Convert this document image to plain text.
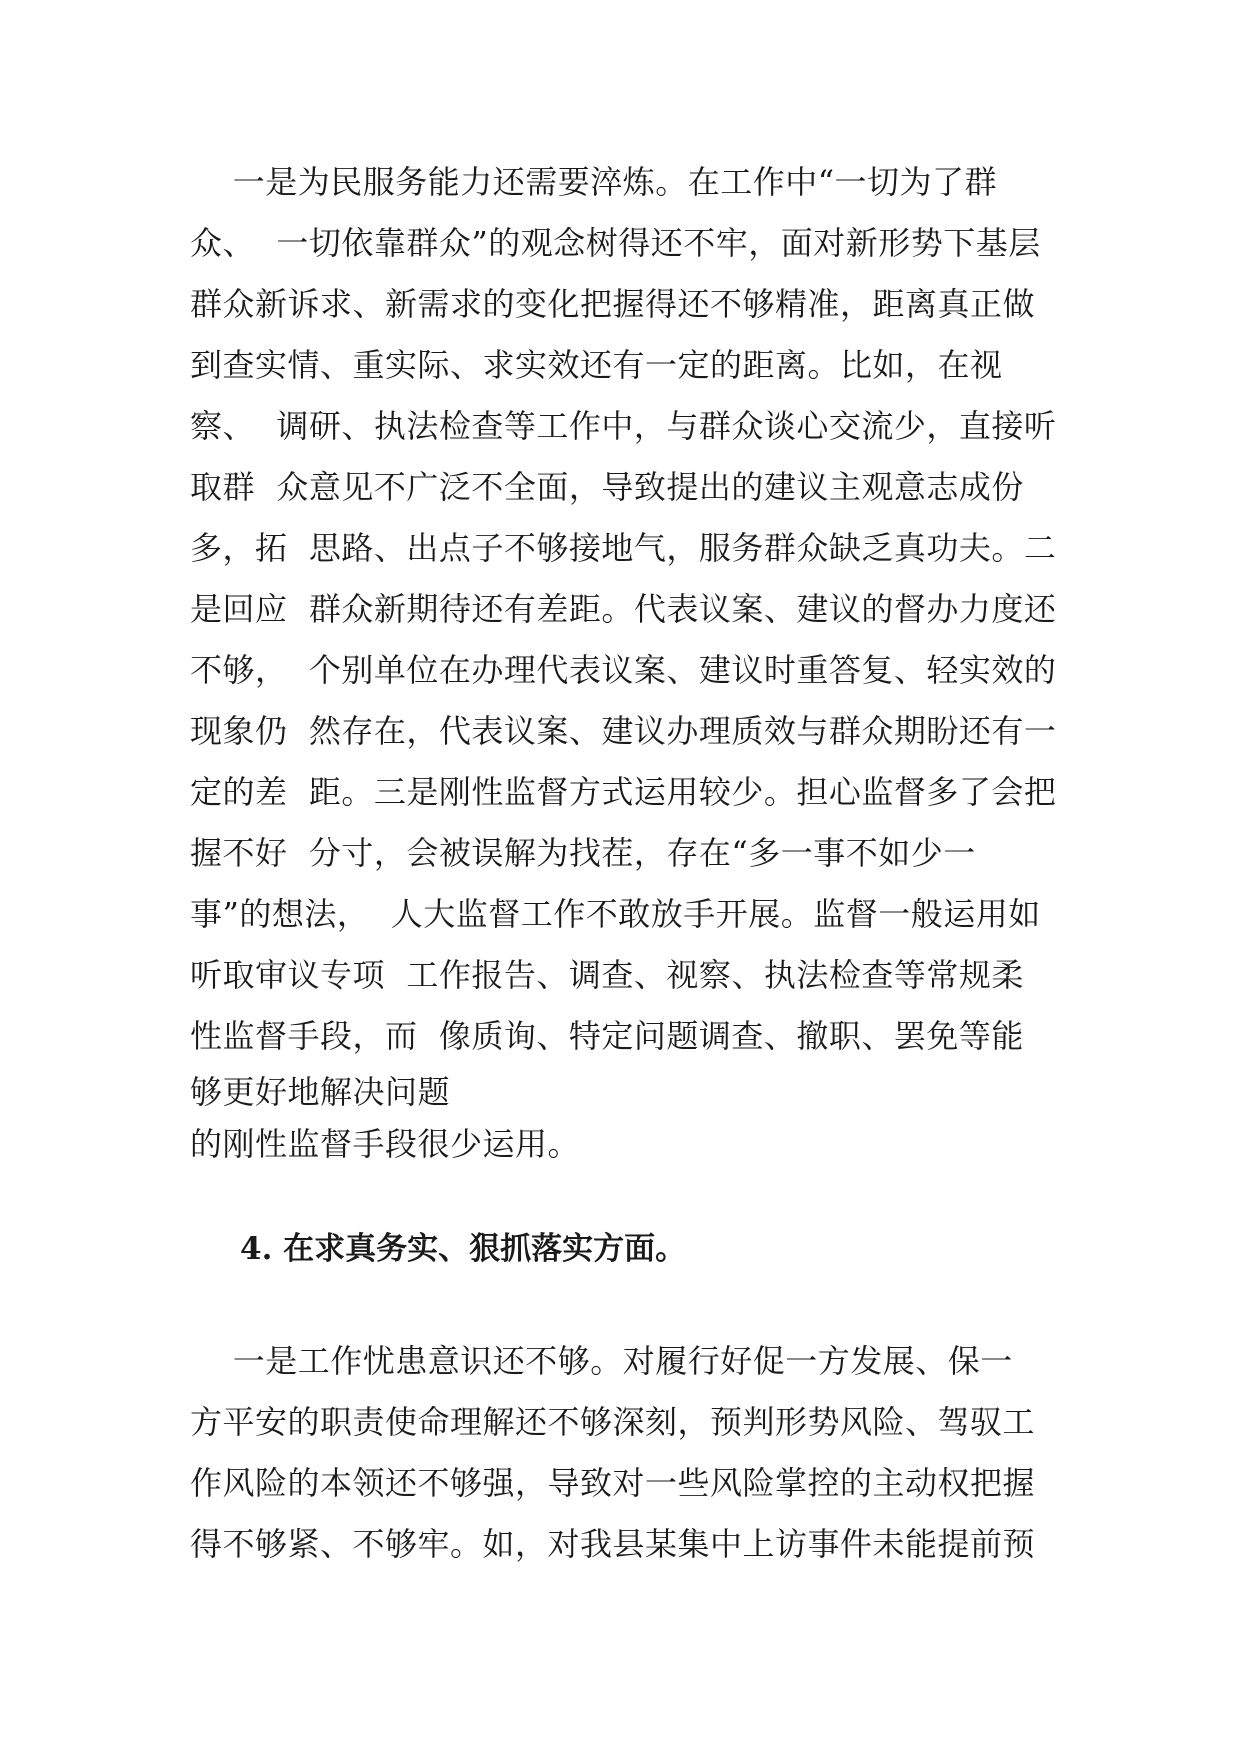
一是为民服务能力还需要淬炼。在工作中“一切为了群
众、  一切依靠群众”的观念树得还不牢，面对新形势下基层
群众新诉求、新需求的变化把握得还不够精准，距离真正做
到查实情、重实际、求实效还有一定的距离。比如，在视
察、  调研、执法检查等工作中，与群众谈心交流少，直接听
取群  众意见不广泛不全面，导致提出的建议主观意志成份
多，拓  思路、出点子不够接地气，服务群众缺乏真功夫。二
是回应  群众新期待还有差距。代表议案、建议的督办力度还
不够，  个别单位在办理代表议案、建议时重答复、轻实效的
现象仍  然存在，代表议案、建议办理质效与群众期盼还有一
定的差  距。三是刚性监督方式运用较少。担心监督多了会把
握不好  分寸，会被误解为找茬，存在“多一事不如少一
事”的想法，  人大监督工作不敢放手开展。监督一般运用如
听取审议专项  工作报告、调查、视察、执法检查等常规柔
性监督手段，而  像质询、特定问题调查、撤职、罢免等能
够更好地解决问题
的刚性监督手段很少运用。
4. 在求真务实、狠抓落实方面。
一是工作忧患意识还不够。对履行好促一方发展、保一
方平安的职责使命理解还不够深刻，预判形势风险、驾驭工
作风险的本领还不够强，导致对一些风险掌控的主动权把握
得不够紧、不够牢。如，对我县某集中上访事件未能提前预
